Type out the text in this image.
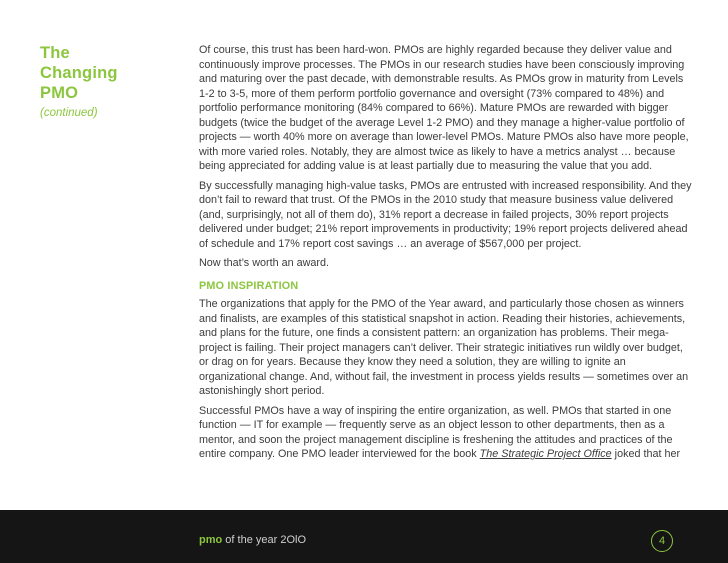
The
Changing
PMO
(continued)

Of course, this trust has been hard-won. PMOs are highly regarded because they deliver value and continuously improve processes. The PMOs in our research studies have been consciously improving and maturing over the past decade, with demonstrable results. As PMOs grow in maturity from Levels 1-2 to 3-5, more of them perform portfolio governance and oversight (73% compared to 48%) and portfolio performance monitoring (84% compared to 66%). Mature PMOs are rewarded with bigger budgets (twice the budget of the average Level 1-2 PMO) and they manage a higher-value portfolio of projects — worth 40% more on average than lower-level PMOs. Mature PMOs also have more people, with more varied roles. Notably, they are almost twice as likely to have a metrics analyst … because being appreciated for adding value is at least partially due to measuring the value that you add.

By successfully managing high-value tasks, PMOs are entrusted with increased responsibility. And they don’t fail to reward that trust. Of the PMOs in the 2010 study that measure business value delivered (and, surprisingly, not all of them do), 31% report a decrease in failed projects, 30% report projects delivered under budget; 21% report improvements in productivity; 19% report projects delivered ahead of schedule and 17% report cost savings … an average of $567,000 per project.

Now that’s worth an award.

PMO INSPIRATION

The organizations that apply for the PMO of the Year award, and particularly those chosen as winners and finalists, are examples of this statistical snapshot in action. Reading their histories, achievements, and plans for the future, one finds a consistent pattern: an organization has problems. Their mega-project is failing. Their project managers can’t deliver. Their strategic initiatives run wildly over budget, or drag on for years. Because they know they need a solution, they are willing to ignite an organizational change. And, without fail, the investment in process yields results — sometimes over an astonishingly short period.

Successful PMOs have a way of inspiring the entire organization, as well. PMOs that started in one function — IT for example — frequently serve as an object lesson to other departments, then as a mentor, and soon the project management discipline is freshening the attitudes and practices of the entire company. One PMO leader interviewed for the book The Strategic Project Office joked that her

pmo of the year 2OlO	4
